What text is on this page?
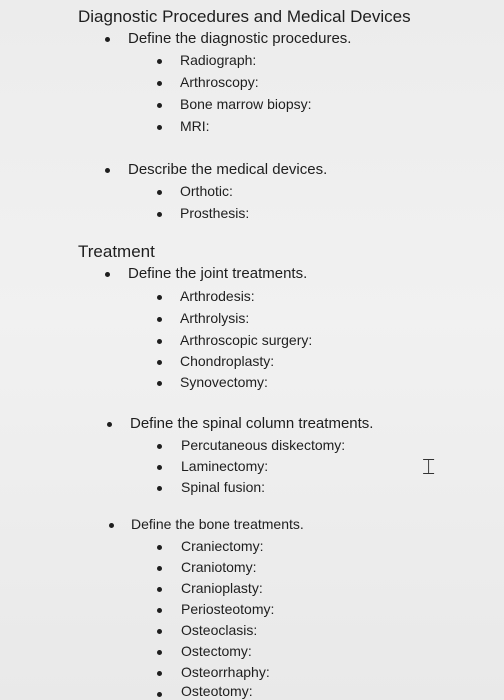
Diagnostic Procedures and Medical Devices
Define the diagnostic procedures.
Radiograph:
Arthroscopy:
Bone marrow biopsy:
MRI:
Describe the medical devices.
Orthotic:
Prosthesis:
Treatment
Define the joint treatments.
Arthrodesis:
Arthrolysis:
Arthroscopic surgery:
Chondroplasty:
Synovectomy:
Define the spinal column treatments.
Percutaneous diskectomy:
Laminectomy:
Spinal fusion:
Define the bone treatments.
Craniectomy:
Craniotomy:
Cranioplasty:
Periosteotomy:
Osteoclasis:
Ostectomy:
Osteorrhaphy:
Osteotomy:
⌶
